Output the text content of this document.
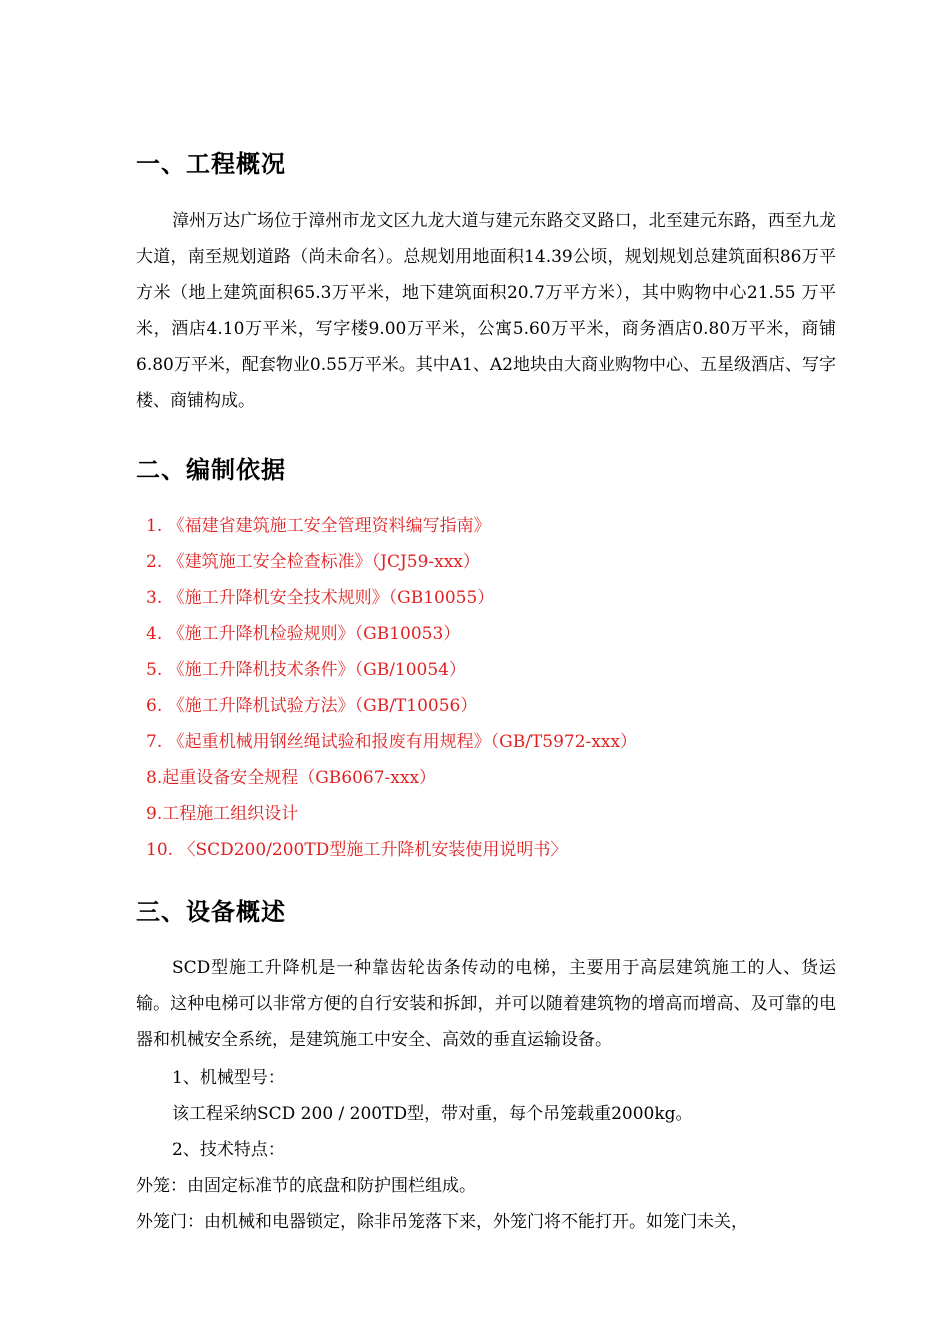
一、工程概况
漳州万达广场位于漳州市龙文区九龙大道与建元东路交叉路口，北至建元东路，西至九龙大道，南至规划道路（尚未命名）。总规划用地面积14.39公顷，规划规划总建筑面积86万平方米（地上建筑面积65.3万平米，地下建筑面积20.7万平方米），其中购物中心21.55 万平米，酒店4.10万平米，写字楼9.00万平米，公寓5.60万平米，商务酒店0.80万平米，商铺6.80万平米，配套物业0.55万平米。其中A1、A2地块由大商业购物中心、五星级酒店、写字楼、商铺构成。
二、编制依据
1. 《福建省建筑施工安全管理资料编写指南》
2. 《建筑施工安全检查标准》（JCJ59-xxx）
3. 《施工升降机安全技术规则》（GB10055）
4. 《施工升降机检验规则》（GB10053）
5. 《施工升降机技术条件》（GB/10054）
6. 《施工升降机试验方法》（GB/T10056）
7. 《起重机械用钢丝绳试验和报废有用规程》（GB/T5972-xxx）
8.起重设备安全规程（GB6067-xxx）
9.工程施工组织设计
10. 〈SCD200/200TD型施工升降机安装使用说明书〉
三、设备概述
SCD型施工升降机是一种靠齿轮齿条传动的电梯，主要用于高层建筑施工的人、货运输。这种电梯可以非常方便的自行安装和拆卸，并可以随着建筑物的增高而增高、及可靠的电器和机械安全系统，是建筑施工中安全、高效的垂直运输设备。
1、机械型号：
该工程采纳SCD 200 / 200TD型，带对重，每个吊笼载重2000kg。
2、技术特点：
外笼：由固定标准节的底盘和防护围栏组成。
外笼门：由机械和电器锁定，除非吊笼落下来，外笼门将不能打开。如笼门未关，
